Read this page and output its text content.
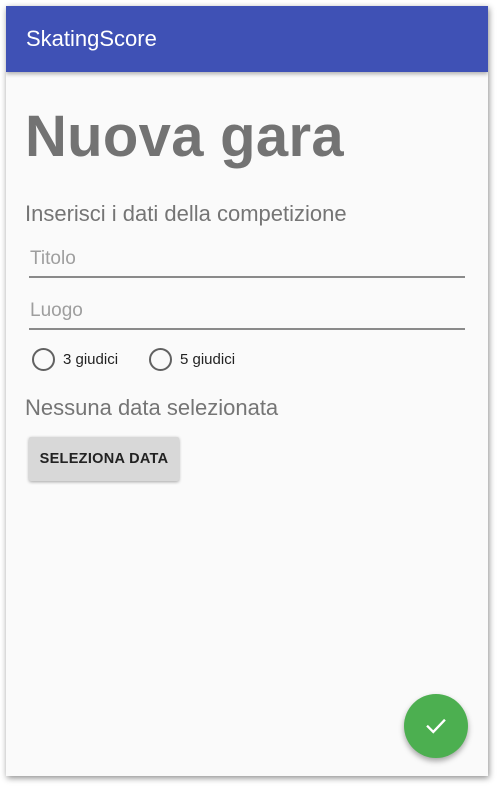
SkatingScore
Nuova gara
Inserisci i dati della competizione
Titolo
Luogo
3 giudici	5 giudici
Nessuna data selezionata
SELEZIONA DATA
